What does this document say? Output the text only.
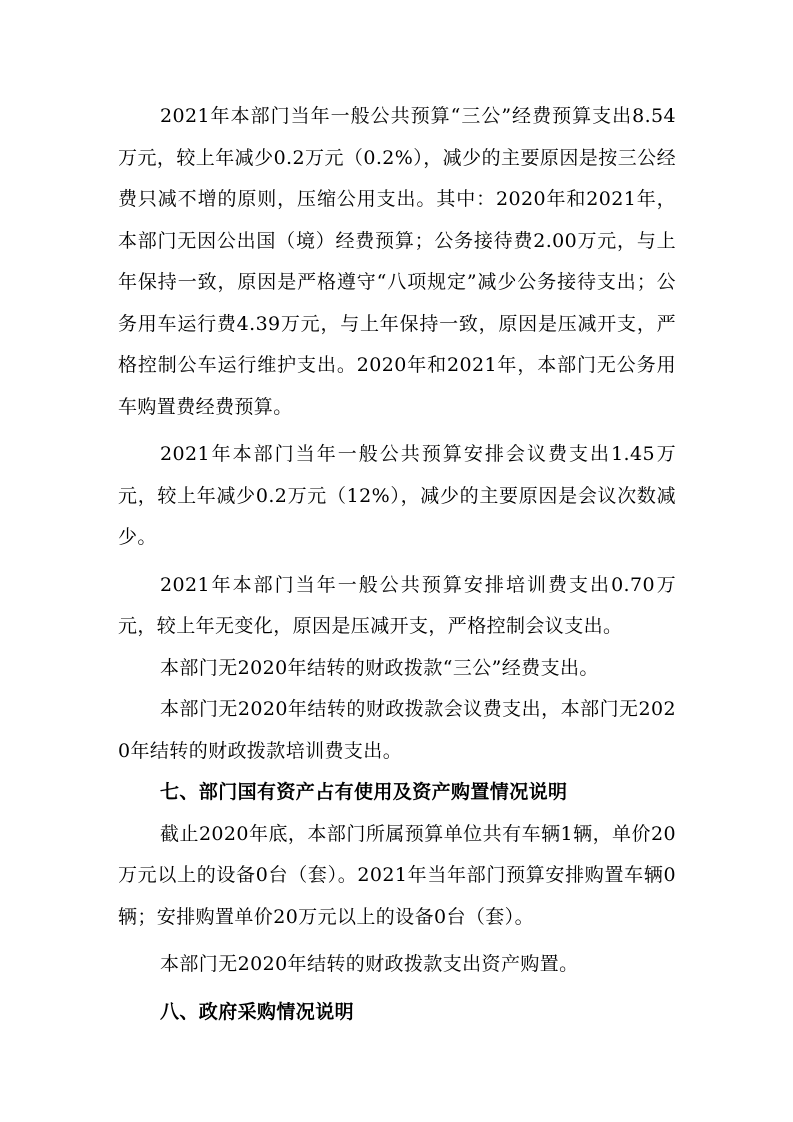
2021年本部门当年一般公共预算“三公”经费预算支出8.54万元，较上年减少0.2万元（0.2%），减少的主要原因是按三公经费只减不增的原则，压缩公用支出。其中：2020年和2021年，本部门无因公出国（境）经费预算；公务接待费2.00万元，与上年保持一致，原因是严格遵守“八项规定”减少公务接待支出；公务用车运行费4.39万元，与上年保持一致，原因是压减开支，严格控制公车运行维护支出。2020年和2021年，本部门无公务用车购置费经费预算。

2021年本部门当年一般公共预算安排会议费支出1.45万元，较上年减少0.2万元（12%），减少的主要原因是会议次数减少。

2021年本部门当年一般公共预算安排培训费支出0.70万元，较上年无变化，原因是压减开支，严格控制会议支出。

本部门无2020年结转的财政拨款“三公”经费支出。

本部门无2020年结转的财政拨款会议费支出，本部门无2020年结转的财政拨款培训费支出。

七、部门国有资产占有使用及资产购置情况说明

截止2020年底，本部门所属预算单位共有车辆1辆，单价20万元以上的设备0台（套）。2021年当年部门预算安排购置车辆0辆；安排购置单价20万元以上的设备0台（套）。

本部门无2020年结转的财政拨款支出资产购置。

八、政府采购情况说明
